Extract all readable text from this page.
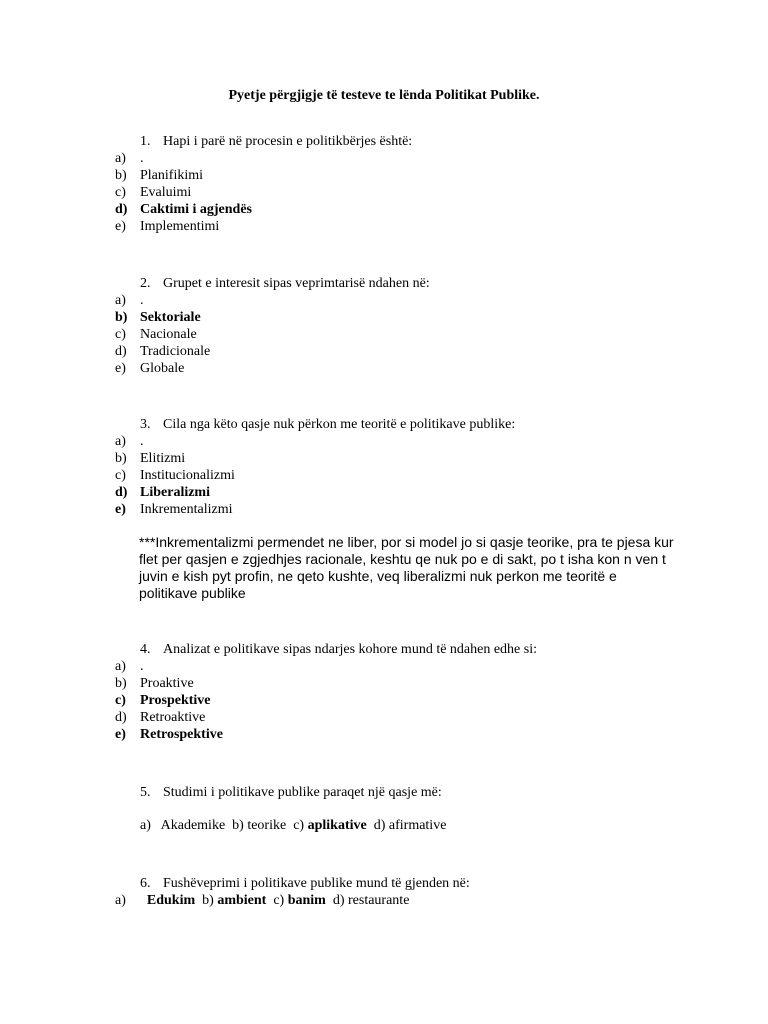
Pyetje përgjigje të testeve te lënda Politikat Publike.
1. Hapi i parë në procesin e politikbërjes është:
a) .
b) Planifikimi
c) Evaluimi
d) Caktimi i agjendës
e) Implementimi
2. Grupet e interesit sipas veprimtarisë ndahen në:
a) .
b) Sektoriale
c) Nacionale
d) Tradicionale
e) Globale
3. Cila nga këto qasje nuk përkon me teoritë e politikave publike:
a) .
b) Elitizmi
c) Institucionalizmi
d) Liberalizmi
e) Inkrementalizmi
***Inkrementalizmi permendet ne liber, por si model jo si qasje teorike, pra te pjesa kur flet per qasjen e zgjedhjes racionale, keshtu qe nuk po e di sakt, po t isha kon n ven t juvin e kish pyt profin, ne qeto kushte, veq liberalizmi nuk perkon me teoritë e politikave publike
4. Analizat e politikave sipas ndarjes kohore mund të ndahen edhe si:
a) .
b) Proaktive
c) Prospektive
d) Retroaktive
e) Retrospektive
5. Studimi i politikave publike paraqet një qasje më:
a) Akademike b) teorike c) aplikative d) afirmative
6. Fushëveprimi i politikave publike mund të gjenden në:
a) Edukim b) ambient c) banim d) restaurante
